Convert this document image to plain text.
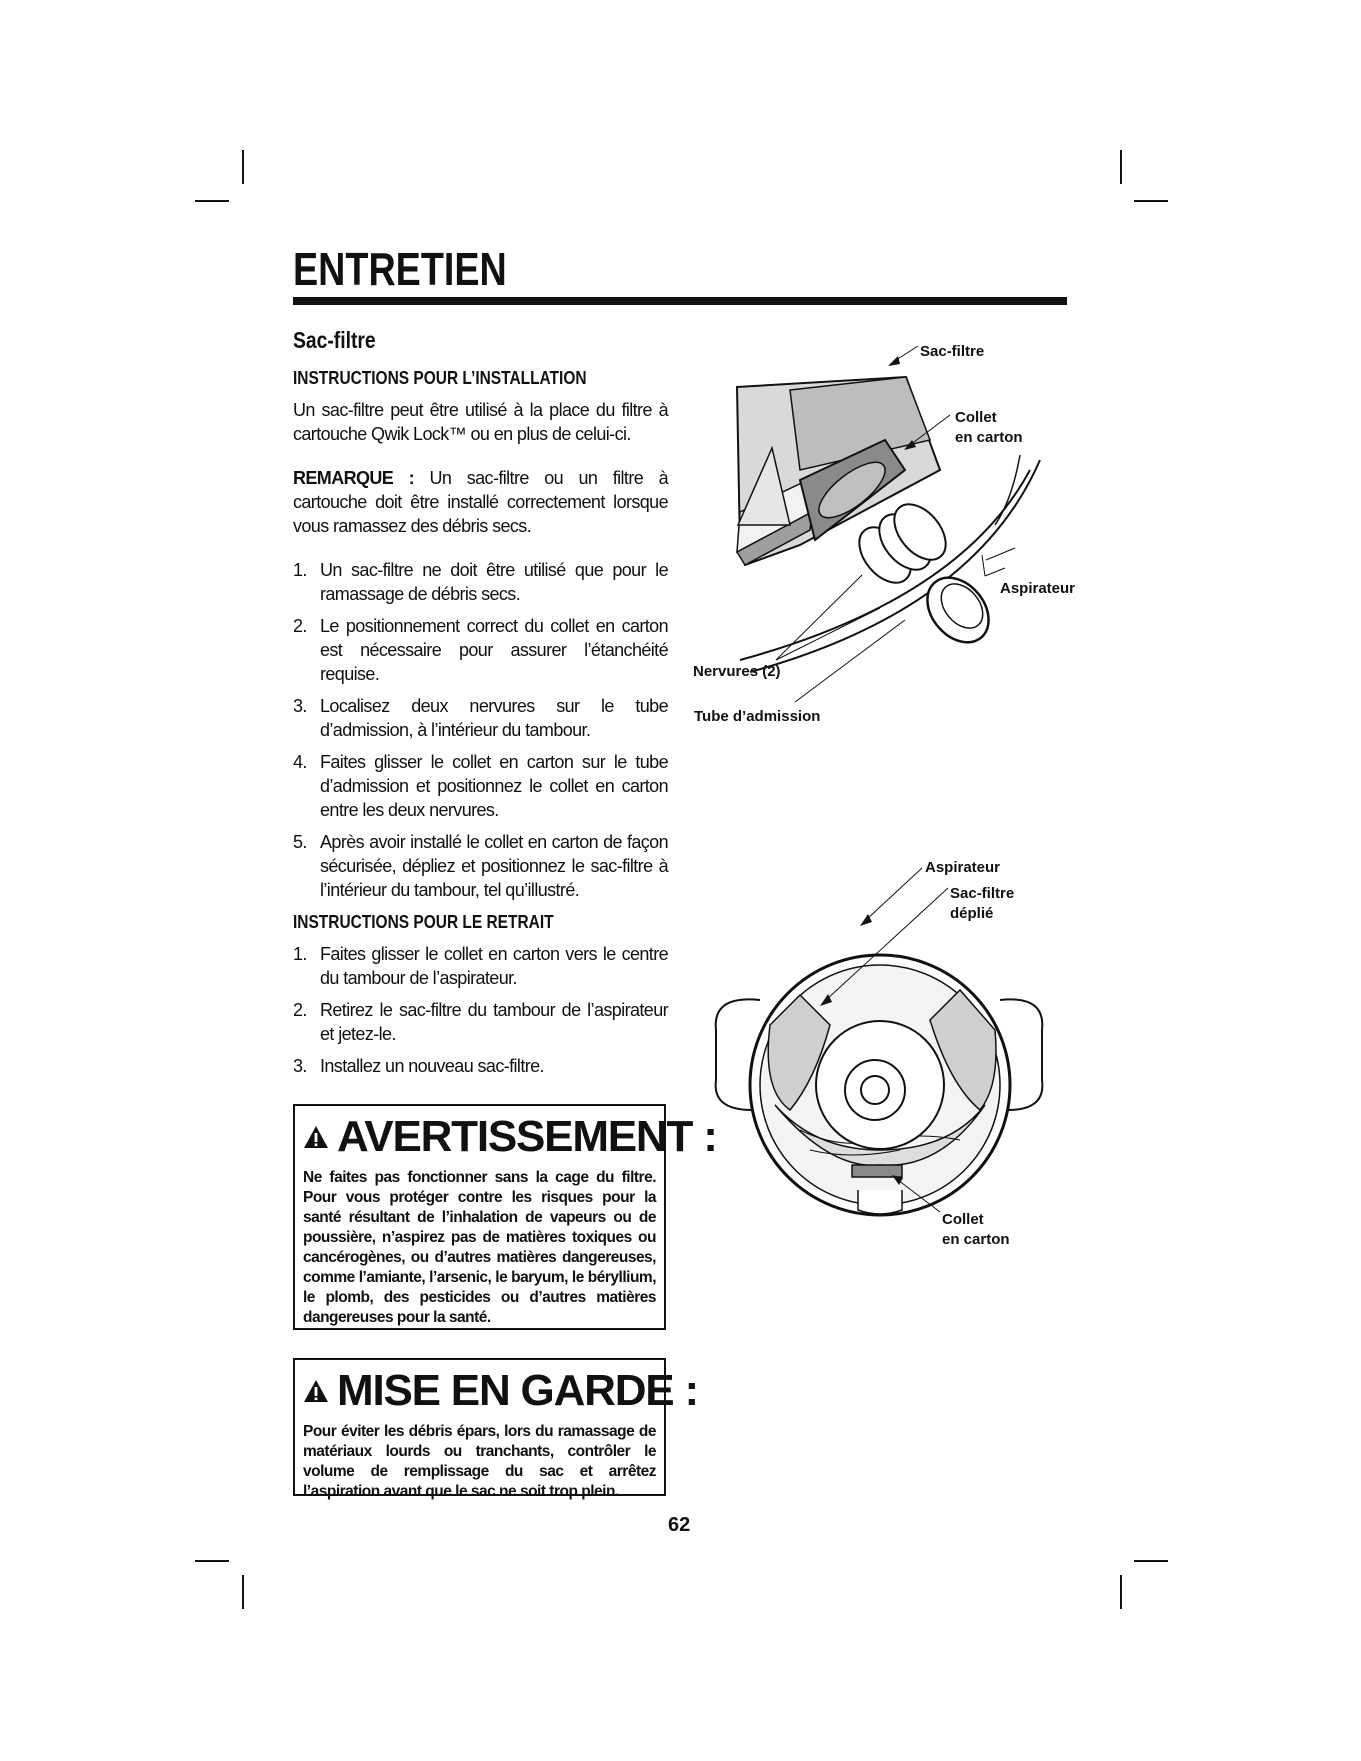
ENTRETIEN
Sac-filtre
INSTRUCTIONS POUR L’INSTALLATION

Un sac-filtre peut être utilisé à la place du filtre à cartouche Qwik Lock™ ou en plus de celui-ci.

REMARQUE : Un sac-filtre ou un filtre à cartouche doit être installé correctement lorsque vous ramassez des débris secs.

1. Un sac-filtre ne doit être utilisé que pour le ramassage de débris secs.
2. Le positionnement correct du collet en carton est nécessaire pour assurer l’étanchéité requise.
3. Localisez deux nervures sur le tube d’admission, à l’intérieur du tambour.
4. Faites glisser le collet en carton sur le tube d’admission et positionnez le collet en carton entre les deux nervures.
5. Après avoir installé le collet en carton de façon sécurisée, dépliez et positionnez le sac-filtre à l’intérieur du tambour, tel qu’illustré.
INSTRUCTIONS POUR LE RETRAIT
1. Faites glisser le collet en carton vers le centre du tambour de l’aspirateur.
2. Retirez le sac-filtre du tambour de l’aspirateur et jetez-le.
3. Installez un nouveau sac-filtre.
AVERTISSEMENT :

Ne faites pas fonctionner sans la cage du filtre. Pour vous protéger contre les risques pour la santé résultant de l’inhalation de vapeurs ou de poussière, n’aspirez pas de matières toxiques ou cancérogènes, ou d’autres matières dangereuses, comme l’amiante, l’arsenic, le baryum, le béryllium, le plomb, des pesticides ou d’autres matières dangereuses pour la santé.

MISE EN GARDE :

Pour éviter les débris épars, lors du ramassage de matériaux lourds ou tranchants, contrôler le volume de remplissage du sac et arrêtez l’aspiration avant que le sac ne soit trop plein.

62
Sac-filtre
Collet
en carton
Aspirateur
Nervures (2)
Tube d’admission
Aspirateur
Sac-filtre
déplié
Collet
en carton
